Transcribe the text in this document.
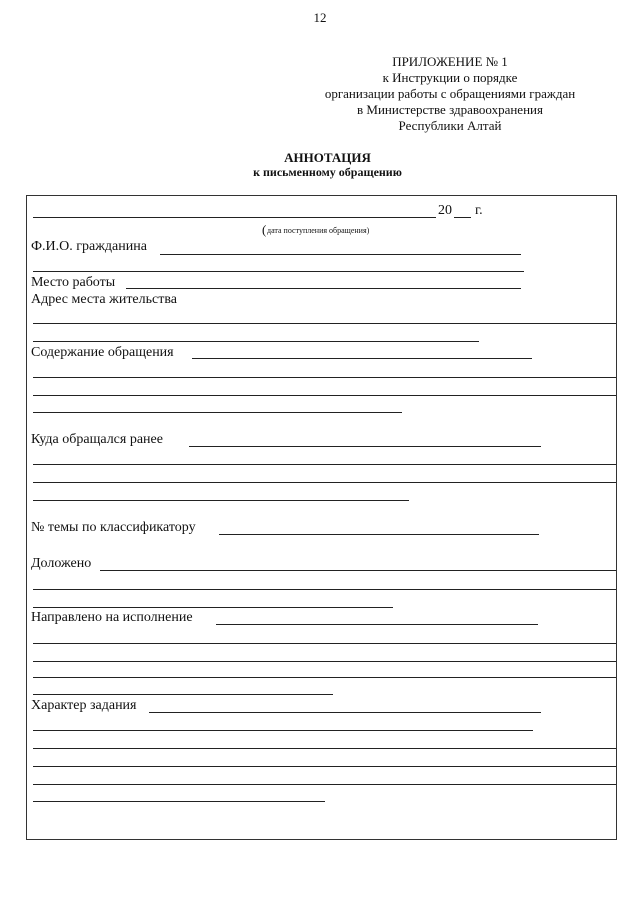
12
ПРИЛОЖЕНИЕ № 1
к Инструкции о порядке
организации работы с обращениями граждан
в Министерстве здравоохранения
Республики Алтай
АННОТАЦИЯ
к письменному обращению
20 г.
( дата поступления обращения)
Ф.И.О. гражданина
Место работы
Адрес места жительства
Содержание обращения
Куда обращался ранее
№ темы по классификатору
Доложено
Направлено на исполнение
Характер задания
